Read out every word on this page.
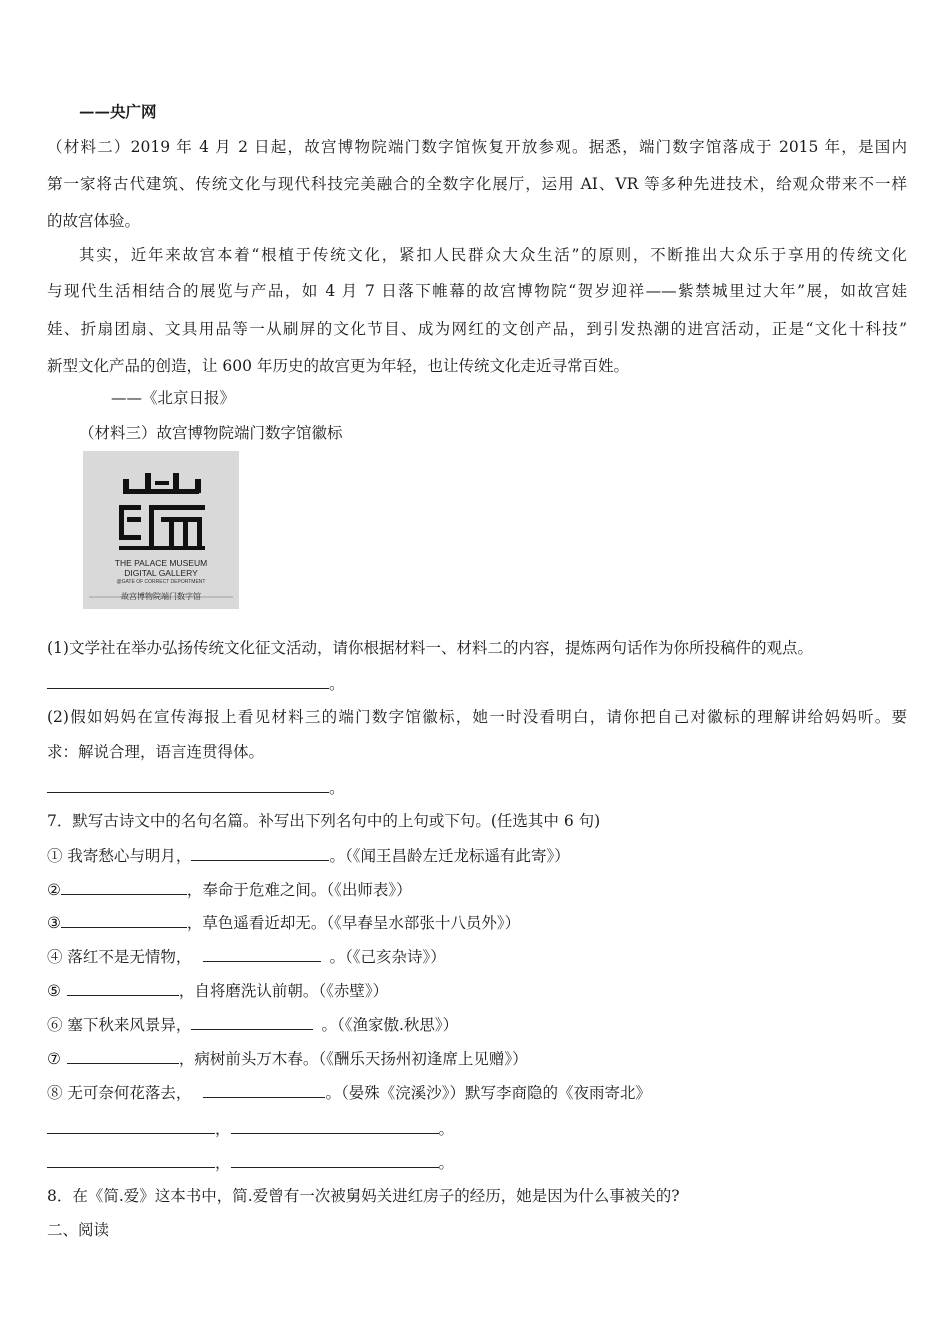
——央广网
（材料二）2019 年 4 月 2 日起，故宫博物院端门数字馆恢复开放参观。据悉，端门数字馆落成于 2015 年，是国内
第一家将古代建筑、传统文化与现代科技完美融合的全数字化展厅，运用 AI、VR 等多种先进技术，给观众带来不一样
的故宫体验。
其实，近年来故宫本着“根植于传统文化，紧扣人民群众大众生活”的原则，不断推出大众乐于享用的传统文化
与现代生活相结合的展览与产品，如 4 月 7 日落下帷幕的故宫博物院“贺岁迎祥——紫禁城里过大年”展，如故宫娃
娃、折扇团扇、文具用品等一从刷屏的文化节目、成为网红的文创产品，到引发热潮的进宫活动，正是“文化十科技”
新型文化产品的创造，让 600 年历史的故宫更为年轻，也让传统文化走近寻常百姓。
——《北京日报》
（材料三）故宫博物院端门数字馆徽标
THE PALACE MUSEUM
DIGITAL GALLERY
@GATE OF CORRECT DEPORTMENT
故宫博物院端门数字馆
(1)文学社在举办弘扬传统文化征文活动，请你根据材料一、材料二的内容，提炼两句话作为你所投稿件的观点。
。
(2)假如妈妈在宣传海报上看见材料三的端门数字馆徽标，她一时没看明白，请你把自己对徽标的理解讲给妈妈听。要
求：解说合理，语言连贯得体。
。
7．默写古诗文中的名句名篇。补写出下列名句中的上句或下句。(任选其中 6 句)
① 我寄愁心与明月，	。（《闻王昌龄左迁龙标遥有此寄》）
②	，奉命于危难之间。（《出师表》）
③	，草色遥看近却无。（《早春呈水部张十八员外》）
④ 落红不是无情物，	。（《己亥杂诗》）
⑤	，自将磨洗认前朝。（《赤壁》）
⑥ 塞下秋来风景异，	。（《渔家傲.秋思》）
⑦	，病树前头万木春。（《酬乐天扬州初逢席上见赠》）
⑧ 无可奈何花落去，	。（晏殊《浣溪沙》）默写李商隐的《夜雨寄北》
，	。
，	。
8．在《简.爱》这本书中，简.爱曾有一次被舅妈关进红房子的经历，她是因为什么事被关的?
二、阅读
